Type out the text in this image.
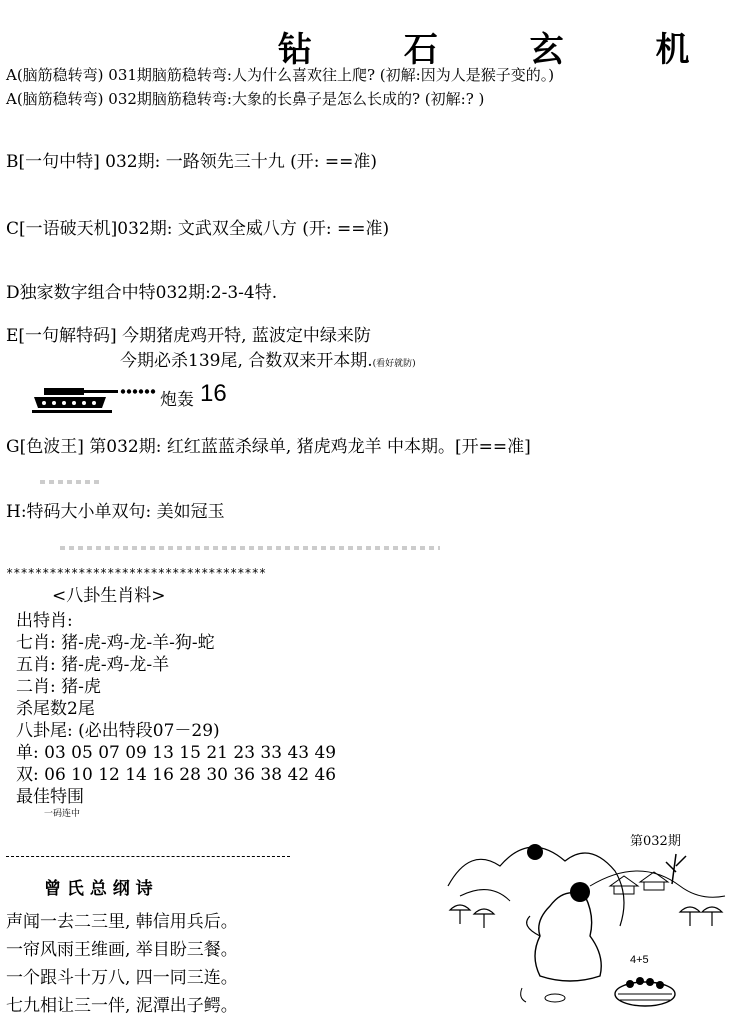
钻 石 玄 机
A(脑筋稳转弯) 031期脑筋稳转弯:人为什么喜欢往上爬? (初解:因为人是猴子变的。)
A(脑筋稳转弯) 032期脑筋稳转弯:大象的长鼻子是怎么长成的? (初解:? )
B[一句中特] 032期: 一路领先三十九 (开: ==准)
C[一语破天机]032期: 文武双全威八方 (开: ==准)
D独家数字组合中特032期:2-3-4特.
E[一句解特码] 今期猪虎鸡开特, 蓝波定中绿来防
今期必杀139尾, 合数双来开本期.(看好就防)
炮轰 16
G[色波王] 第032期: 红红蓝蓝杀绿单, 猪虎鸡龙羊 中本期。[开==准]
H:特码大小单双句: 美如冠玉
************************************
<八卦生肖料>
出特肖:
七肖: 猪-虎-鸡-龙-羊-狗-蛇
五肖: 猪-虎-鸡-龙-羊
二肖: 猪-虎
杀尾数2尾
八卦尾: (必出特段07－29)
单: 03 05 07 09 13 15 21 23 33 43 49
双: 06 10 12 14 16 28 30 36 38 42 46
最佳特围
一码连中
曾 氏 总 纲 诗
声闻一去二三里, 韩信用兵后。
一帘风雨王维画, 举目盼三餐。
一个跟斗十万八, 四一同三连。
七九相让三一伴, 泥潭出子鳄。
第032期
4+5
